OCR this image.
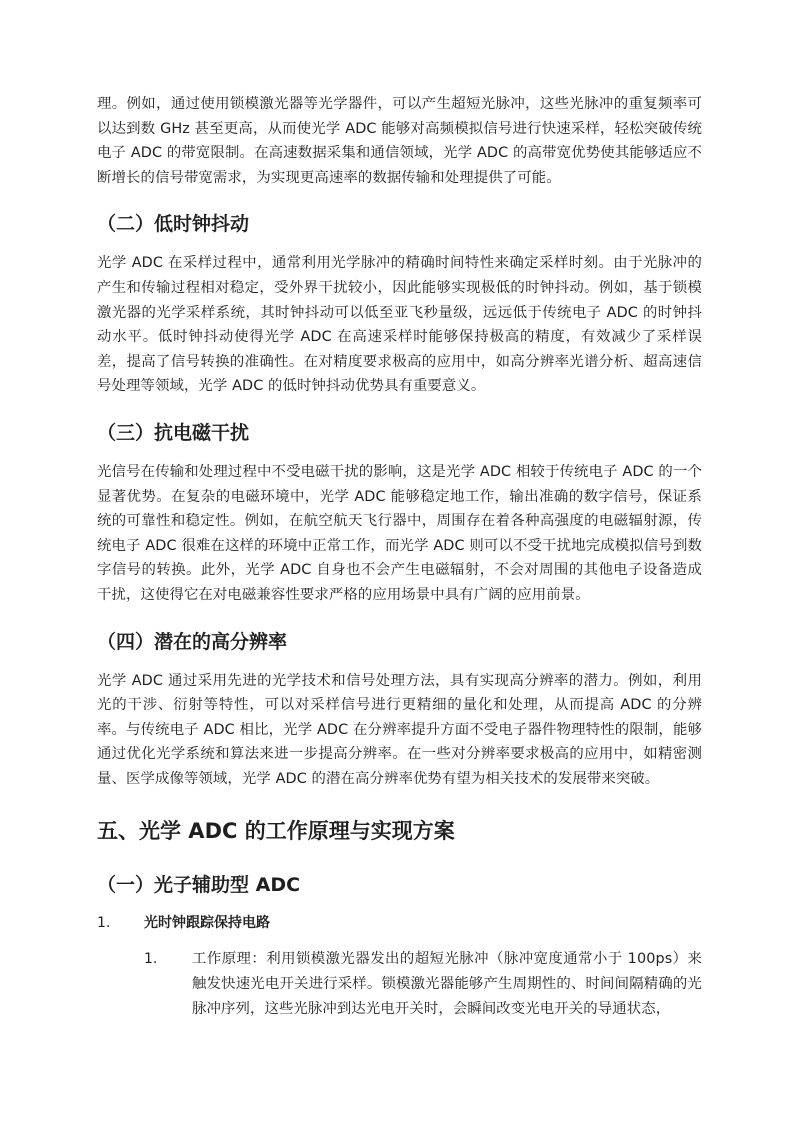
理。例如，通过使用锁模激光器等光学器件，可以产生超短光脉冲，这些光脉冲的重复频率可以达到数 GHz 甚至更高，从而使光学 ADC 能够对高频模拟信号进行快速采样，轻松突破传统电子 ADC 的带宽限制。在高速数据采集和通信领域，光学 ADC 的高带宽优势使其能够适应不断增长的信号带宽需求，为实现更高速率的数据传输和处理提供了可能。

（二）低时钟抖动

光学 ADC 在采样过程中，通常利用光学脉冲的精确时间特性来确定采样时刻。由于光脉冲的产生和传输过程相对稳定，受外界干扰较小，因此能够实现极低的时钟抖动。例如，基于锁模激光器的光学采样系统，其时钟抖动可以低至亚飞秒量级，远远低于传统电子 ADC 的时钟抖动水平。低时钟抖动使得光学 ADC 在高速采样时能够保持极高的精度，有效减少了采样误差，提高了信号转换的准确性。在对精度要求极高的应用中，如高分辨率光谱分析、超高速信号处理等领域，光学 ADC 的低时钟抖动优势具有重要意义。

（三）抗电磁干扰

光信号在传输和处理过程中不受电磁干扰的影响，这是光学 ADC 相较于传统电子 ADC 的一个显著优势。在复杂的电磁环境中，光学 ADC 能够稳定地工作，输出准确的数字信号，保证系统的可靠性和稳定性。例如，在航空航天飞行器中，周围存在着各种高强度的电磁辐射源，传统电子 ADC 很难在这样的环境中正常工作，而光学 ADC 则可以不受干扰地完成模拟信号到数字信号的转换。此外，光学 ADC 自身也不会产生电磁辐射，不会对周围的其他电子设备造成干扰，这使得它在对电磁兼容性要求严格的应用场景中具有广阔的应用前景。

（四）潜在的高分辨率

光学 ADC 通过采用先进的光学技术和信号处理方法，具有实现高分辨率的潜力。例如，利用光的干涉、衍射等特性，可以对采样信号进行更精细的量化和处理，从而提高 ADC 的分辨率。与传统电子 ADC 相比，光学 ADC 在分辨率提升方面不受电子器件物理特性的限制，能够通过优化光学系统和算法来进一步提高分辨率。在一些对分辨率要求极高的应用中，如精密测量、医学成像等领域，光学 ADC 的潜在高分辨率优势有望为相关技术的发展带来突破。

五、光学 ADC 的工作原理与实现方案
（一）光子辅助型 ADC
1.	光时钟跟踪保持电路
1.	工作原理：利用锁模激光器发出的超短光脉冲（脉冲宽度通常小于 100ps）来触发快速光电开关进行采样。锁模激光器能够产生周期性的、时间间隔精确的光脉冲序列，这些光脉冲到达光电开关时，会瞬间改变光电开关的导通状态，
